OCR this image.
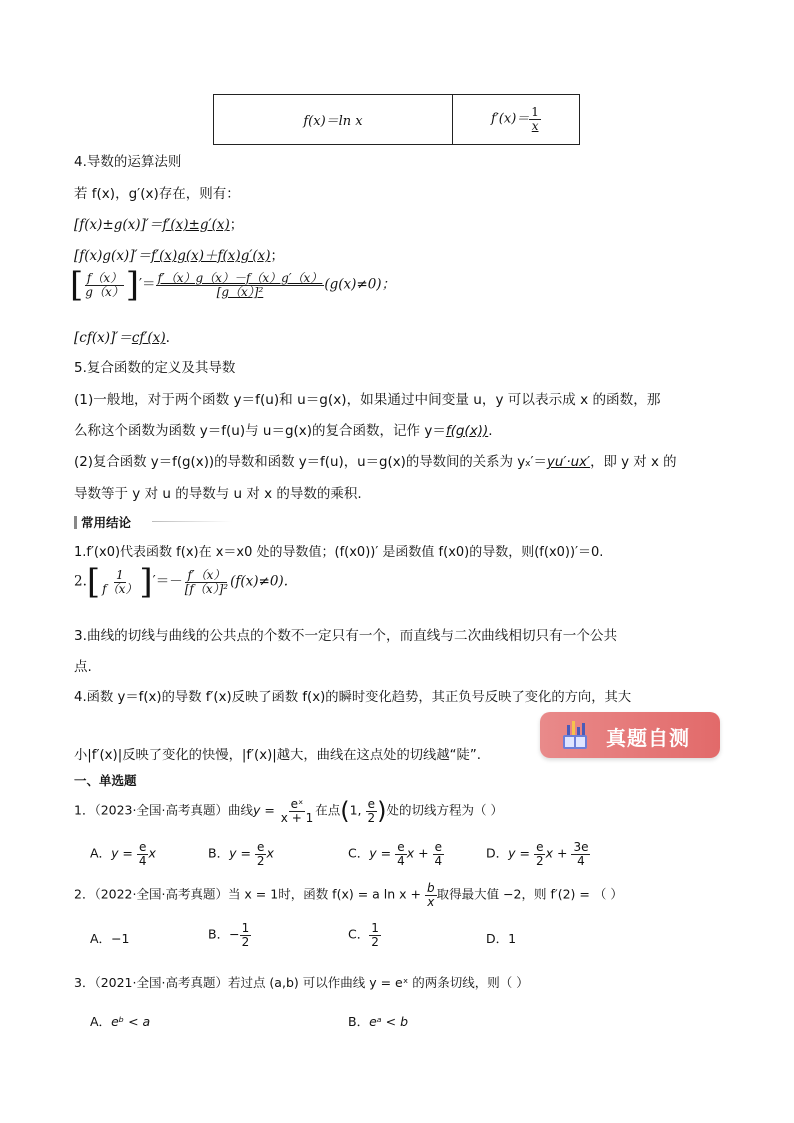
f(x)＝ln x	$f'(x)= \frac{1}{x}$
4.导数的运算法则
若 f(x)，g′(x)存在，则有：
[f(x)±g(x)]′＝f′(x)±g′(x)；
[f(x)g(x)]′＝f′(x)g(x)＋f(x)g′(x)；
[ $\frac{f(x)}{g(x)}$ ]′＝ $\frac{f'(x)g(x)-f(x)g'(x)}{\text{[g（x）]²}} (g(x)\ne 0)$；
[cf(x)]′＝cf′(x).
5.复合函数的定义及其导数
(1)一般地，对于两个函数 y＝f(u)和 u＝g(x)，如果通过中间变量 u，y 可以表示成 x 的函数，那
么称这个函数为函数 y＝f(u)与 u＝g(x)的复合函数，记作 y＝f(g(x)).
(2)复合函数 y＝f(g(x))的导数和函数 y＝f(u)，u＝g(x)的导数间的关系为 yx′＝yu′·ux′，即 y 对 x 的
导数等于 y 对 u 的导数与 u 对 x 的导数的乘积.
常用结论
1.f′(x0)代表函数 f(x)在 x＝x0 处的导数值；(f(x0))′ 是函数值 f(x0)的导数，则(f(x0))′＝0.
$2.[ \frac{1}{f(x)}$ ]′＝－ $\frac{f'(x)}{\text{[f（x）]²}} (f(x)\ne 0)$.
3.曲线的切线与曲线的公共点的个数不一定只有一个，而直线与二次曲线相切只有一个公共
点.
4.函数 y＝f(x)的导数 f′(x)反映了函数 f(x)的瞬时变化趋势，其正负号反映了变化的方向，其大
小|f′(x)|反映了变化的快慢，|f′(x)|越大，曲线在这点处的切线越“陡”.
真题自测
一、单选题
1．（2023·全国·高考真题）曲线$y = \frac{\text{eˣ}}{x + 1}$ 在点(1, $\frac{e}{2}$ )处的切线方程为（ ）
A．$y = \frac{e}{4}$ x	B．$y = \frac{e}{2}$ x	C．$y = \frac{e}{4}$ $x + \frac{e}{4}$	D．$y = \frac{e}{2}$ $x + \frac{3e}{4}$
2．（2022·全国·高考真题）当 x = 1时，函数 f(x) = a $\ln x + \frac{b}{x}$ 取得最大值 −2，则 f′(2) = （ ）
A．−1	B．− $\frac{1}{2}$	C． $\frac{1}{2}$	D．1
3．（2021·全国·高考真题）若过点 (a,b) 可以作曲线 y = eˣ 的两条切线，则（ ）
A．eᵇ < a	B．eᵃ < b
